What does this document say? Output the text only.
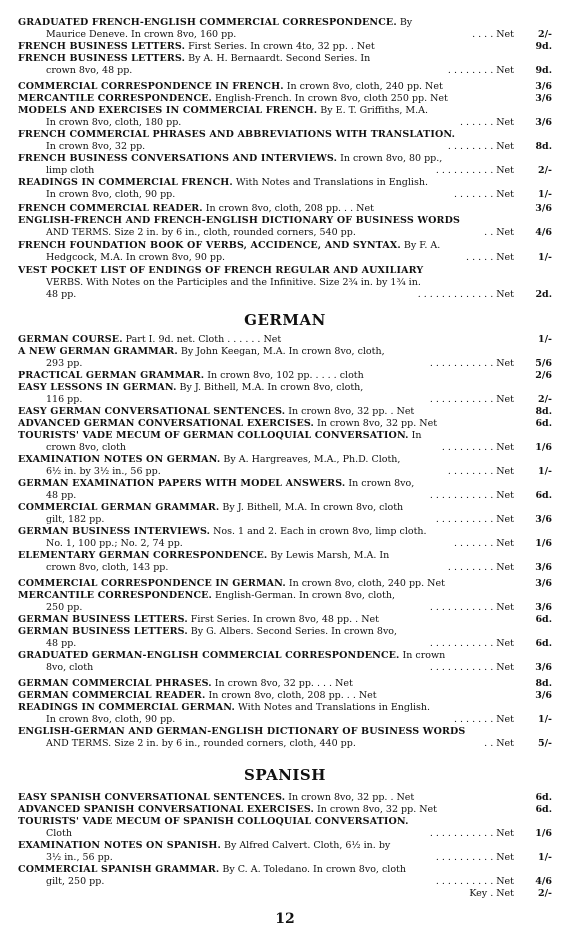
GRADUATED FRENCH-ENGLISH COMMERCIAL CORRESPONDENCE. By
Maurice Deneve. In crown 8vo, 160 pp.	. . . . Net	2/-
FRENCH BUSINESS LETTERS. First Series. In crown 4to, 32 pp. . Net	9d.
FRENCH BUSINESS LETTERS. By A. H. Bernaardt. Second Series. In
crown 8vo, 48 pp.	. . . . . . . . Net	9d.
COMMERCIAL CORRESPONDENCE IN FRENCH. In crown 8vo, cloth, 240 pp. Net	3/6
MERCANTILE CORRESPONDENCE. English-French. In crown 8vo, cloth 250 pp. Net	3/6
MODELS AND EXERCISES IN COMMERCIAL FRENCH. By E. T. Griffiths, M.A.
In crown 8vo, cloth, 180 pp.	. . . . . . Net	3/6
FRENCH COMMERCIAL PHRASES AND ABBREVIATIONS WITH TRANSLATION.
In crown 8vo, 32 pp.	. . . . . . . . Net	8d.
FRENCH BUSINESS CONVERSATIONS AND INTERVIEWS. In crown 8vo, 80 pp.,
limp cloth	. . . . . . . . . . Net	2/-
READINGS IN COMMERCIAL FRENCH. With Notes and Translations in English.
In crown 8vo, cloth, 90 pp.	. . . . . . . Net	1/-
FRENCH COMMERCIAL READER. In crown 8vo, cloth, 208 pp. . . Net	3/6
ENGLISH-FRENCH AND FRENCH-ENGLISH DICTIONARY OF BUSINESS WORDS
AND TERMS. Size 2 in. by 6 in., cloth, rounded corners, 540 pp.	. . Net	4/6
FRENCH FOUNDATION BOOK OF VERBS, ACCIDENCE, AND SYNTAX. By F. A.
Hedgcock, M.A. In crown 8vo, 90 pp.	. . . . . Net	1/-
VEST POCKET LIST OF ENDINGS OF FRENCH REGULAR AND AUXILIARY
VERBS. With Notes on the Participles and the Infinitive. Size 2¾ in. by 1¾ in.
48 pp.	. . . . . . . . . . . . . Net	2d.
GERMAN COURSE. Part I. 9d. net. Cloth . . . . . . Net	1/-
A NEW GERMAN GRAMMAR. By John Keegan, M.A. In crown 8vo, cloth,
293 pp.	. . . . . . . . . . . Net	5/6
PRACTICAL GERMAN GRAMMAR. In crown 8vo, 102 pp. . . . . cloth	2/6
EASY LESSONS IN GERMAN. By J. Bithell, M.A. In crown 8vo, cloth,
116 pp.	. . . . . . . . . . . Net	2/-
EASY GERMAN CONVERSATIONAL SENTENCES. In crown 8vo, 32 pp. . Net	8d.
ADVANCED GERMAN CONVERSATIONAL EXERCISES. In crown 8vo, 32 pp. Net	6d.
TOURISTS' VADE MECUM OF GERMAN COLLOQUIAL CONVERSATION. In
crown 8vo, cloth	. . . . . . . . . Net	1/6
EXAMINATION NOTES ON GERMAN. By A. Hargreaves, M.A., Ph.D. Cloth,
6½ in. by 3½ in., 56 pp.	. . . . . . . . Net	1/-
GERMAN EXAMINATION PAPERS WITH MODEL ANSWERS. In crown 8vo,
48 pp.	. . . . . . . . . . . Net	6d.
COMMERCIAL GERMAN GRAMMAR. By J. Bithell, M.A. In crown 8vo, cloth
gilt, 182 pp.	. . . . . . . . . . Net	3/6
GERMAN BUSINESS INTERVIEWS. Nos. 1 and 2. Each in crown 8vo, limp cloth.
No. 1, 100 pp.; No. 2, 74 pp.	. . . . . . . Net	1/6
ELEMENTARY GERMAN CORRESPONDENCE. By Lewis Marsh, M.A. In
crown 8vo, cloth, 143 pp.	. . . . . . . . Net	3/6
COMMERCIAL CORRESPONDENCE IN GERMAN. In crown 8vo, cloth, 240 pp. Net	3/6
MERCANTILE CORRESPONDENCE. English-German. In crown 8vo, cloth,
250 pp.	. . . . . . . . . . . Net	3/6
GERMAN BUSINESS LETTERS. First Series. In crown 8vo, 48 pp. . Net	6d.
GERMAN BUSINESS LETTERS. By G. Albers. Second Series. In crown 8vo,
48 pp.	. . . . . . . . . . . Net	6d.
GRADUATED GERMAN-ENGLISH COMMERCIAL CORRESPONDENCE. In crown
8vo, cloth	. . . . . . . . . . . Net	3/6
GERMAN COMMERCIAL PHRASES. In crown 8vo, 32 pp. . . . Net	8d.
GERMAN COMMERCIAL READER. In crown 8vo, cloth, 208 pp. . . Net	3/6
READINGS IN COMMERCIAL GERMAN. With Notes and Translations in English.
In crown 8vo, cloth, 90 pp.	. . . . . . . Net	1/-
ENGLISH-GERMAN AND GERMAN-ENGLISH DICTIONARY OF BUSINESS WORDS
AND TERMS. Size 2 in. by 6 in., rounded corners, cloth, 440 pp.	. . Net	5/-
EASY SPANISH CONVERSATIONAL SENTENCES. In crown 8vo, 32 pp. . Net	6d.
ADVANCED SPANISH CONVERSATIONAL EXERCISES. In crown 8vo, 32 pp. Net	6d.
TOURISTS' VADE MECUM OF SPANISH COLLOQUIAL CONVERSATION.
Cloth	. . . . . . . . . . . Net	1/6
EXAMINATION NOTES ON SPANISH. By Alfred Calvert. Cloth, 6½ in. by
3½ in., 56 pp.	. . . . . . . . . . Net	1/-
COMMERCIAL SPANISH GRAMMAR. By C. A. Toledano. In crown 8vo, cloth
gilt, 250 pp.	. . . . . . . . . . Net	4/6
Key . Net	2/-
GERMAN
SPANISH
12
